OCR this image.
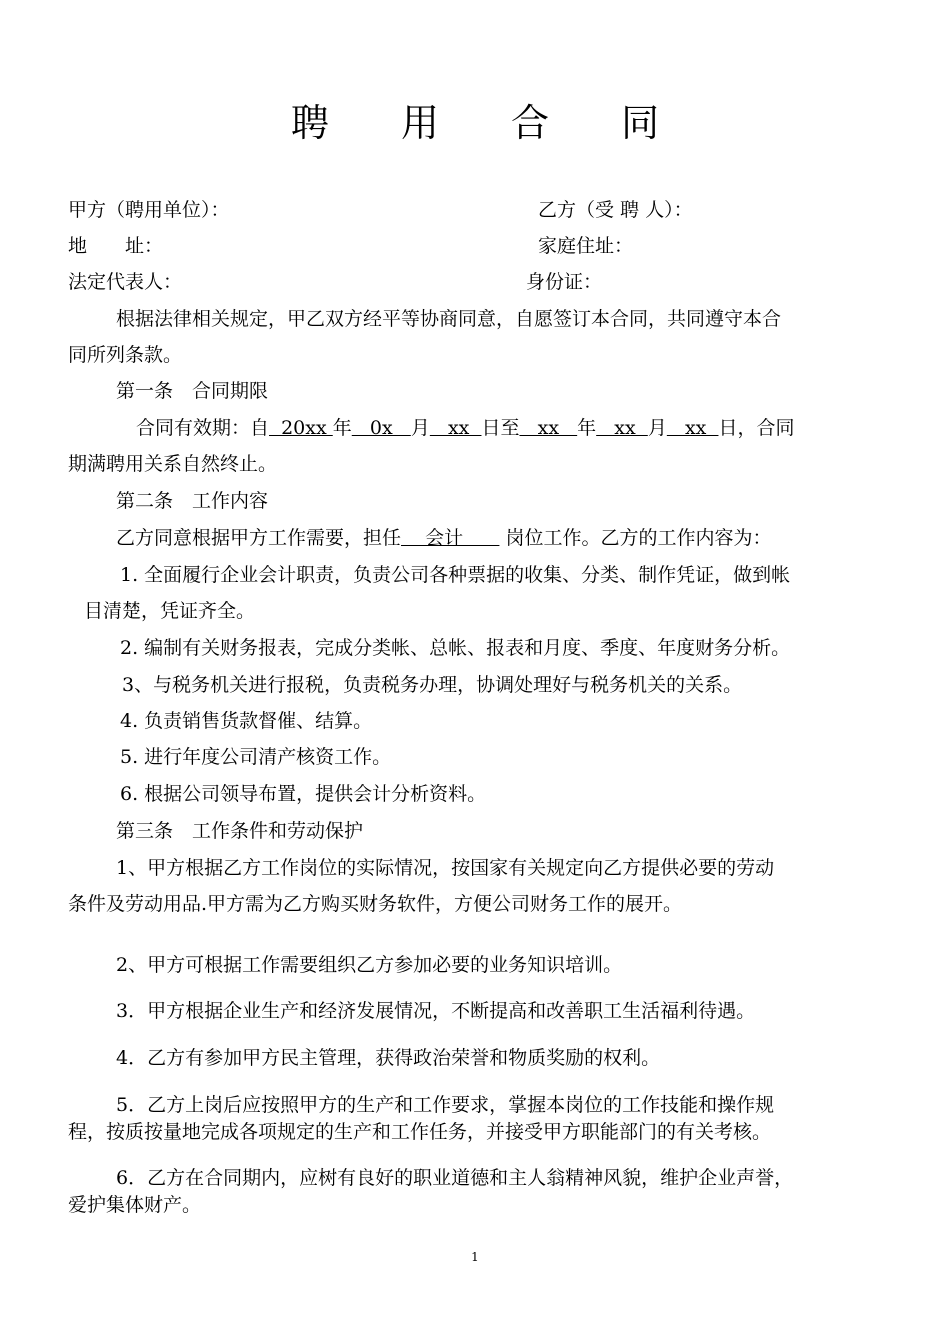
聘 用 合 同
甲方（聘用单位）：	乙方（受 聘 人）：
地　　址：	家庭住址：
法定代表人：	身份证：
根据法律相关规定，甲乙双方经平等协商同意，自愿签订本合同，共同遵守本合
同所列条款。
第一条　合同期限
合同有效期：自  20xx 年   0x   月   xx  日至   xx   年   xx  月   xx  日，合同
期满聘用关系自然终止。
第二条　工作内容
乙方同意根据甲方工作需要，担任    会计       岗位工作。乙方的工作内容为：
1. 全面履行企业会计职责，负责公司各种票据的收集、分类、制作凭证，做到帐
目清楚，凭证齐全。
2. 编制有关财务报表，完成分类帐、总帐、报表和月度、季度、年度财务分析。
3、与税务机关进行报税，负责税务办理，协调处理好与税务机关的关系。
4. 负责销售货款督催、结算。
5. 进行年度公司清产核资工作。
6. 根据公司领导布置，提供会计分析资料。
第三条　工作条件和劳动保护
1、甲方根据乙方工作岗位的实际情况，按国家有关规定向乙方提供必要的劳动
条件及劳动用品.甲方需为乙方购买财务软件，方便公司财务工作的展开。
2、甲方可根据工作需要组织乙方参加必要的业务知识培训。
3．甲方根据企业生产和经济发展情况，不断提高和改善职工生活福利待遇。
4．乙方有参加甲方民主管理，获得政治荣誉和物质奖励的权利。
5．乙方上岗后应按照甲方的生产和工作要求，掌握本岗位的工作技能和操作规
程，按质按量地完成各项规定的生产和工作任务，并接受甲方职能部门的有关考核。
6．乙方在合同期内，应树有良好的职业道德和主人翁精神风貌，维护企业声誉，
爱护集体财产。
1
